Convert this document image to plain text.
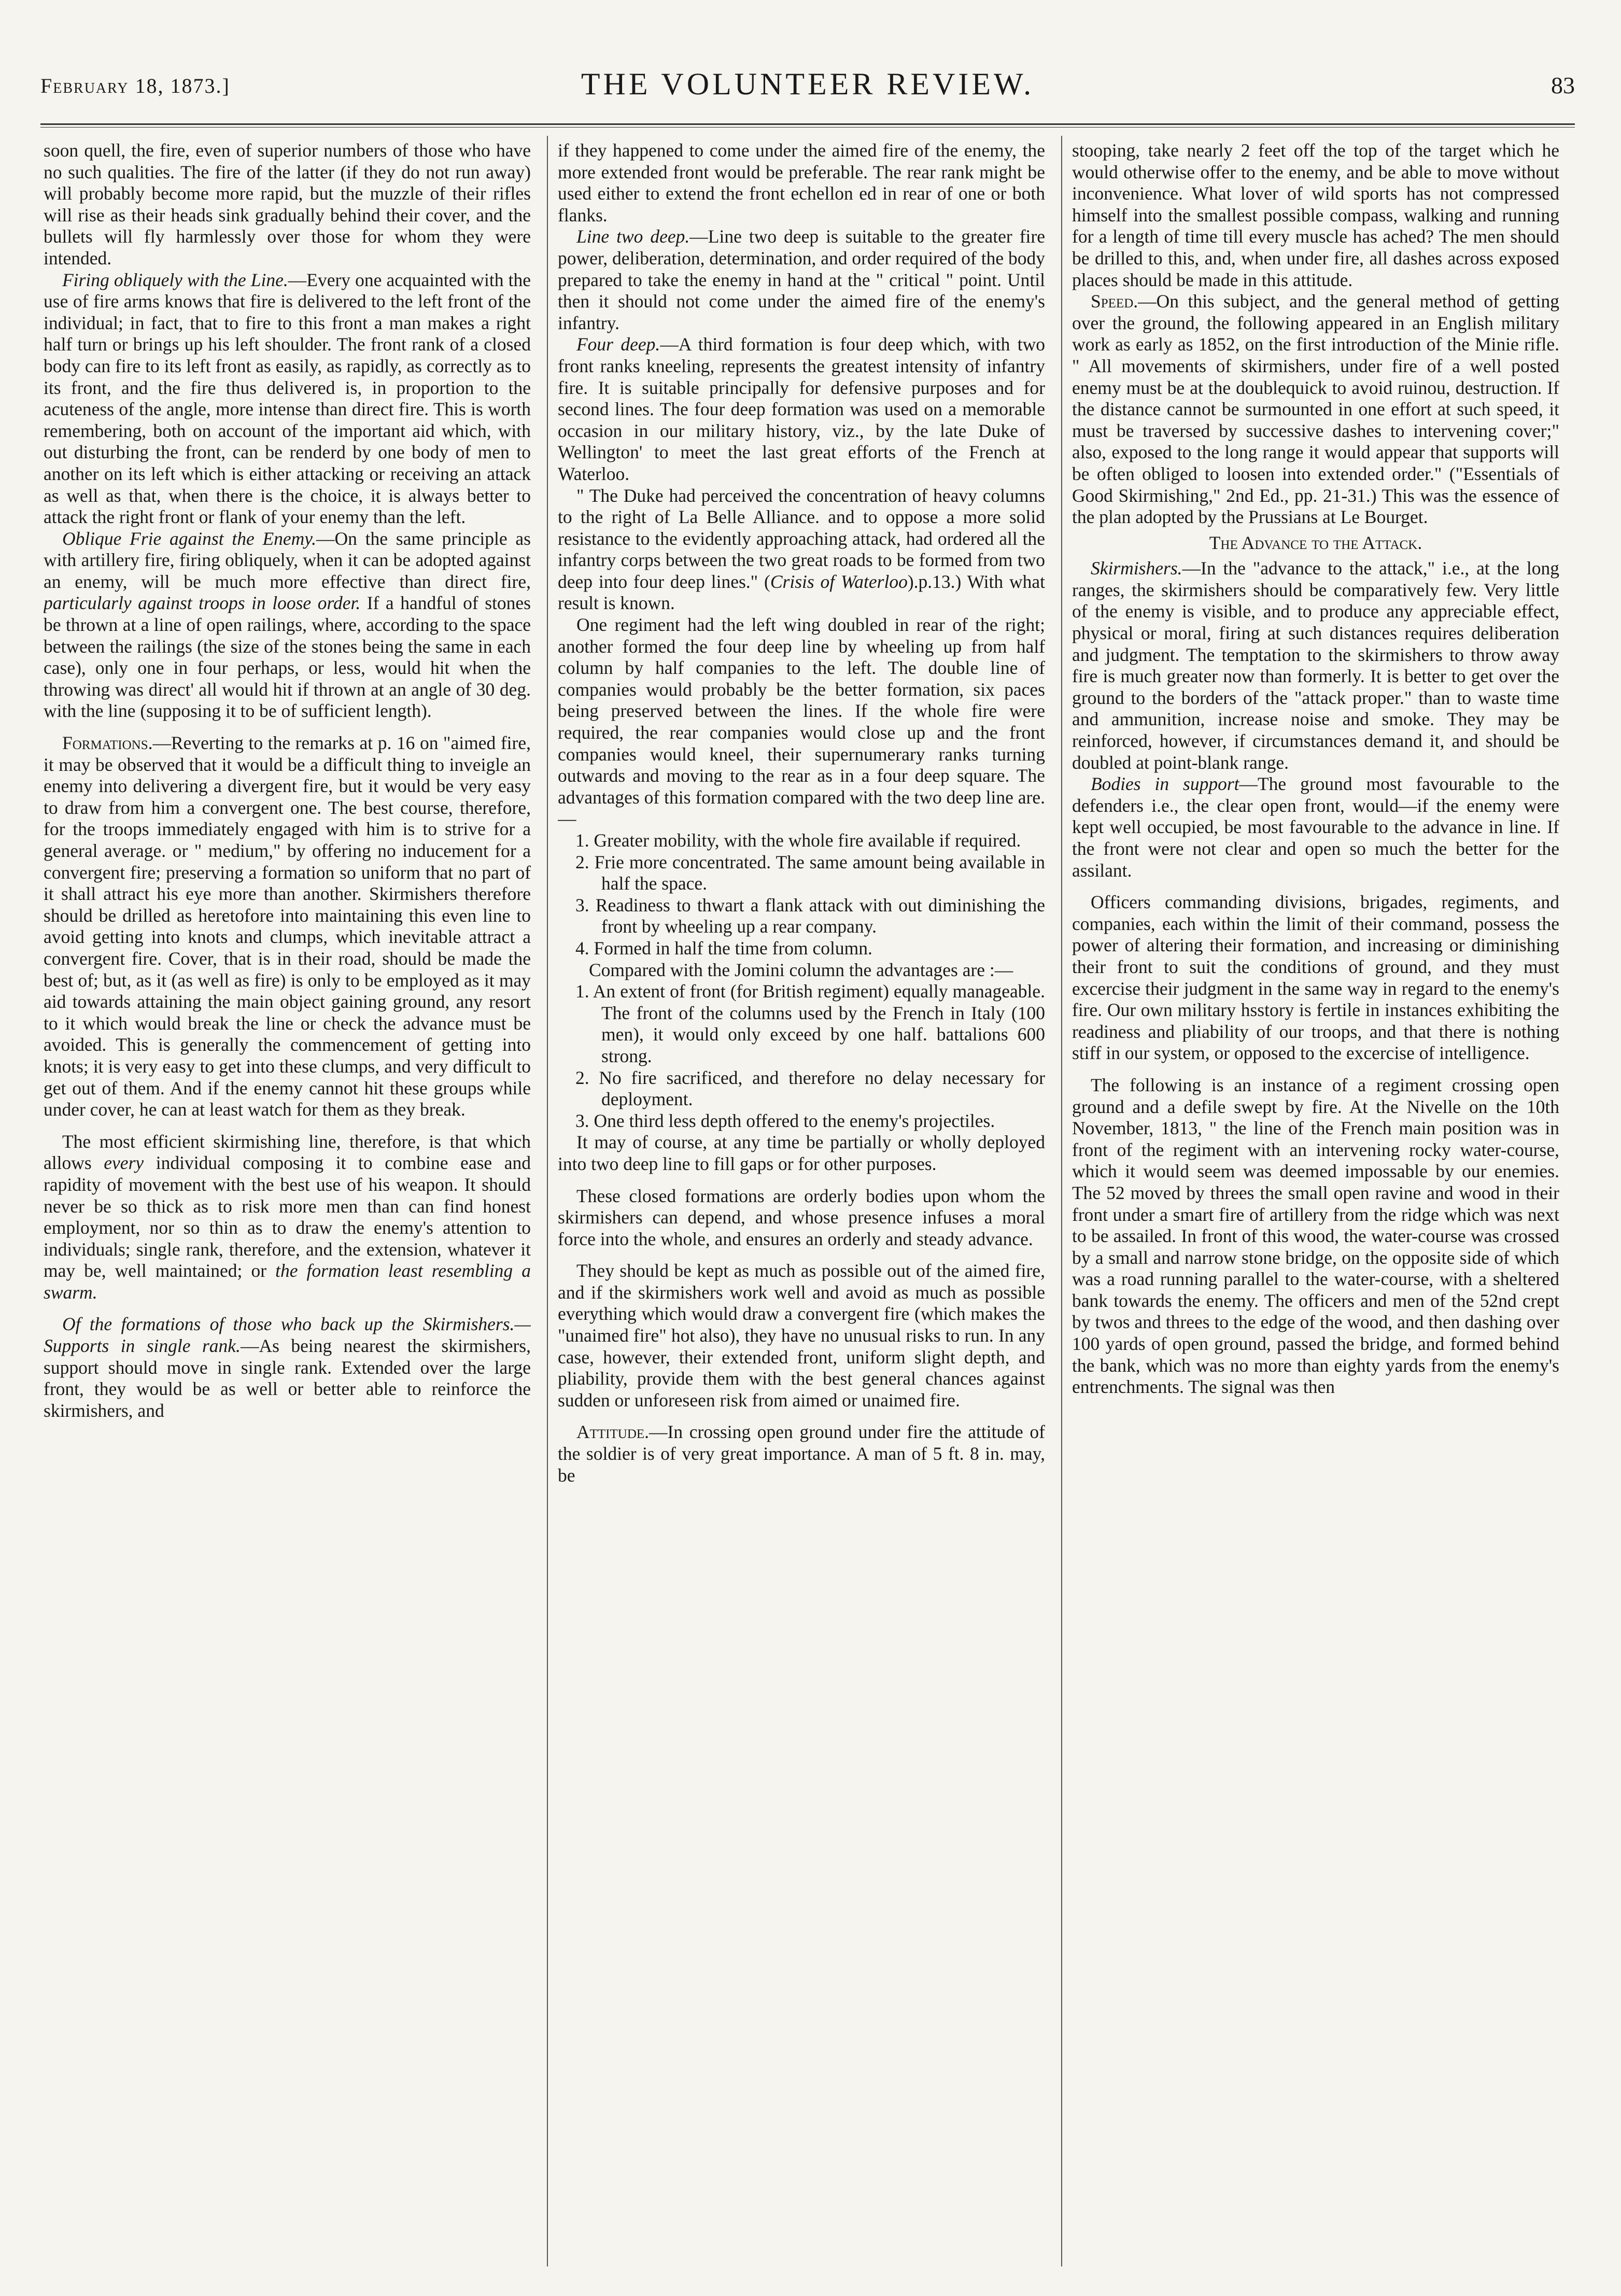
February 18, 1873.]	THE VOLUNTEER REVIEW.	83

soon quell, the fire, even of superior numbers of those who have no such qualities. The fire of the latter (if they do not run away) will probably become more rapid, but the muzzle of their rifles will rise as their heads sink gradually behind their cover, and the bullets will fly harmlessly over those for whom they were intended.

Firing obliquely with the Line.—Every one acquainted with the use of fire arms knows that fire is delivered to the left front of the individual; in fact, that to fire to this front a man makes a right half turn or brings up his left shoulder. The front rank of a closed body can fire to its left front as easily, as rapidly, as correctly as to its front, and the fire thus delivered is, in proportion to the acuteness of the angle, more intense than direct fire. This is worth remembering, both on account of the important aid which, with out disturbing the front, can be renderd by one body of men to another on its left which is either attacking or receiving an attack as well as that, when there is the choice, it is always better to attack the right front or flank of your enemy than the left.

Oblique Frie against the Enemy.—On the same principle as with artillery fire, firing obliquely, when it can be adopted against an enemy, will be much more effective than direct fire, particularly against troops in loose order. If a handful of stones be thrown at a line of open railings, where, according to the space between the railings (the size of the stones being the same in each case), only one in four perhaps, or less, would hit when the throwing was direct' all would hit if thrown at an angle of 30 deg. with the line (supposing it to be of sufficient length).

Formations.—Reverting to the remarks at p. 16 on "aimed fire, it may be observed that it would be a difficult thing to inveigle an enemy into delivering a divergent fire, but it would be very easy to draw from him a convergent one. The best course, therefore, for the troops immediately engaged with him is to strive for a general average. or " medium," by offering no inducement for a convergent fire; preserving a formation so uniform that no part of it shall attract his eye more than another. Skirmishers therefore should be drilled as heretofore into maintaining this even line to avoid getting into knots and clumps, which inevitable attract a convergent fire. Cover, that is in their road, should be made the best of; but, as it (as well as fire) is only to be employed as it may aid towards attaining the main object gaining ground, any resort to it which would break the line or check the advance must be avoided. This is generally the commencement of getting into knots; it is very easy to get into these clumps, and very difficult to get out of them. And if the enemy cannot hit these groups while under cover, he can at least watch for them as they break.

The most efficient skirmishing line, therefore, is that which allows every individual composing it to combine ease and rapidity of movement with the best use of his weapon. It should never be so thick as to risk more men than can find honest employment, nor so thin as to draw the enemy's attention to individuals; single rank, therefore, and the extension, whatever it may be, well maintained; or the formation least resembling a swarm.

Of the formations of those who back up the Skirmishers.—Supports in single rank.—As being nearest the skirmishers, support should move in single rank. Extended over the large front, they would be as well or better able to reinforce the skirmishers, and

if they happened to come under the aimed fire of the enemy, the more extended front would be preferable. The rear rank might be used either to extend the front echellon ed in rear of one or both flanks.

Line two deep.—Line two deep is suitable to the greater fire power, deliberation, determination, and order required of the body prepared to take the enemy in hand at the " critical " point. Until then it should not come under the aimed fire of the enemy's infantry.

Four deep.—A third formation is four deep which, with two front ranks kneeling, represents the greatest intensity of infantry fire. It is suitable principally for defensive purposes and for second lines. The four deep formation was used on a memorable occasion in our military history, viz., by the late Duke of Wellington' to meet the last great efforts of the French at Waterloo.

" The Duke had perceived the concentration of heavy columns to the right of La Belle Alliance. and to oppose a more solid resistance to the evidently approaching attack, had ordered all the infantry corps between the two great roads to be formed from two deep into four deep lines." (Crisis of Waterloo).p.13.) With what result is known.

One regiment had the left wing doubled in rear of the right; another formed the four deep line by wheeling up from half column by half companies to the left. The double line of companies would probably be the better formation, six paces being preserved between the lines. If the whole fire were required, the rear companies would close up and the front companies would kneel, their supernumerary ranks turning outwards and moving to the rear as in a four deep square. The advantages of this formation compared with the two deep line are.—

1. Greater mobility, with the whole fire available if required.
2. Frie more concentrated. The same amount being available in half the space.
3. Readiness to thwart a flank attack with out diminishing the front by wheeling up a rear company.
4. Formed in half the time from column.

Compared with the Jomini column the advantages are :—

1. An extent of front (for British regiment) equally manageable. The front of the columns used by the French in Italy (100 men), it would only exceed by one half. battalions 600 strong.
2. No fire sacrificed, and therefore no delay necessary for deployment.
3. One third less depth offered to the enemy's projectiles.

It may of course, at any time be partially or wholly deployed into two deep line to fill gaps or for other purposes.

These closed formations are orderly bodies upon whom the skirmishers can depend, and whose presence infuses a moral force into the whole, and ensures an orderly and steady advance.

They should be kept as much as possible out of the aimed fire, and if the skirmishers work well and avoid as much as possible everything which would draw a convergent fire (which makes the "unaimed fire" hot also), they have no unusual risks to run. In any case, however, their extended front, uniform slight depth, and pliability, provide them with the best general chances against sudden or unforeseen risk from aimed or unaimed fire.

Attitude.—In crossing open ground under fire the attitude of the soldier is of very great importance. A man of 5 ft. 8 in. may, be

stooping, take nearly 2 feet off the top of the target which he would otherwise offer to the enemy, and be able to move without inconvenience. What lover of wild sports has not compressed himself into the smallest possible compass, walking and running for a length of time till every muscle has ached? The men should be drilled to this, and, when under fire, all dashes across exposed places should be made in this attitude.

Speed.—On this subject, and the general method of getting over the ground, the following appeared in an English military work as early as 1852, on the first introduction of the Minie rifle. " All movements of skirmishers, under fire of a well posted enemy must be at the doublequick to avoid ruinou, destruction. If the distance cannot be surmounted in one effort at such speed, it must be traversed by successive dashes to intervening cover;" also, exposed to the long range it would appear that supports will be often obliged to loosen into extended order." ("Essentials of Good Skirmishing," 2nd Ed., pp. 21-31.) This was the essence of the plan adopted by the Prussians at Le Bourget.

The Advance to the Attack.

Skirmishers.—In the "advance to the attack," i.e., at the long ranges, the skirmishers should be comparatively few. Very little of the enemy is visible, and to produce any appreciable effect, physical or moral, firing at such distances requires deliberation and judgment. The temptation to the skirmishers to throw away fire is much greater now than formerly. It is better to get over the ground to the borders of the "attack proper." than to waste time and ammunition, increase noise and smoke. They may be reinforced, however, if circumstances demand it, and should be doubled at point-blank range.

Bodies in support—The ground most favourable to the defenders i.e., the clear open front, would—if the enemy were kept well occupied, be most favourable to the advance in line. If the front were not clear and open so much the better for the assilant.

Officers commanding divisions, brigades, regiments, and companies, each within the limit of their command, possess the power of altering their formation, and increasing or diminishing their front to suit the conditions of ground, and they must excercise their judgment in the same way in regard to the enemy's fire. Our own military hsstory is fertile in instances exhibiting the readiness and pliability of our troops, and that there is nothing stiff in our system, or opposed to the excercise of intelligence.

The following is an instance of a regiment crossing open ground and a defile swept by fire. At the Nivelle on the 10th November, 1813, " the line of the French main position was in front of the regiment with an intervening rocky water-course, which it would seem was deemed impossable by our enemies. The 52 moved by threes the small open ravine and wood in their front under a smart fire of artillery from the ridge which was next to be assailed. In front of this wood, the water-course was crossed by a small and narrow stone bridge, on the opposite side of which was a road running parallel to the water-course, with a sheltered bank towards the enemy. The officers and men of the 52nd crept by twos and threes to the edge of the wood, and then dashing over 100 yards of open ground, passed the bridge, and formed behind the bank, which was no more than eighty yards from the enemy's entrenchments. The signal was then
